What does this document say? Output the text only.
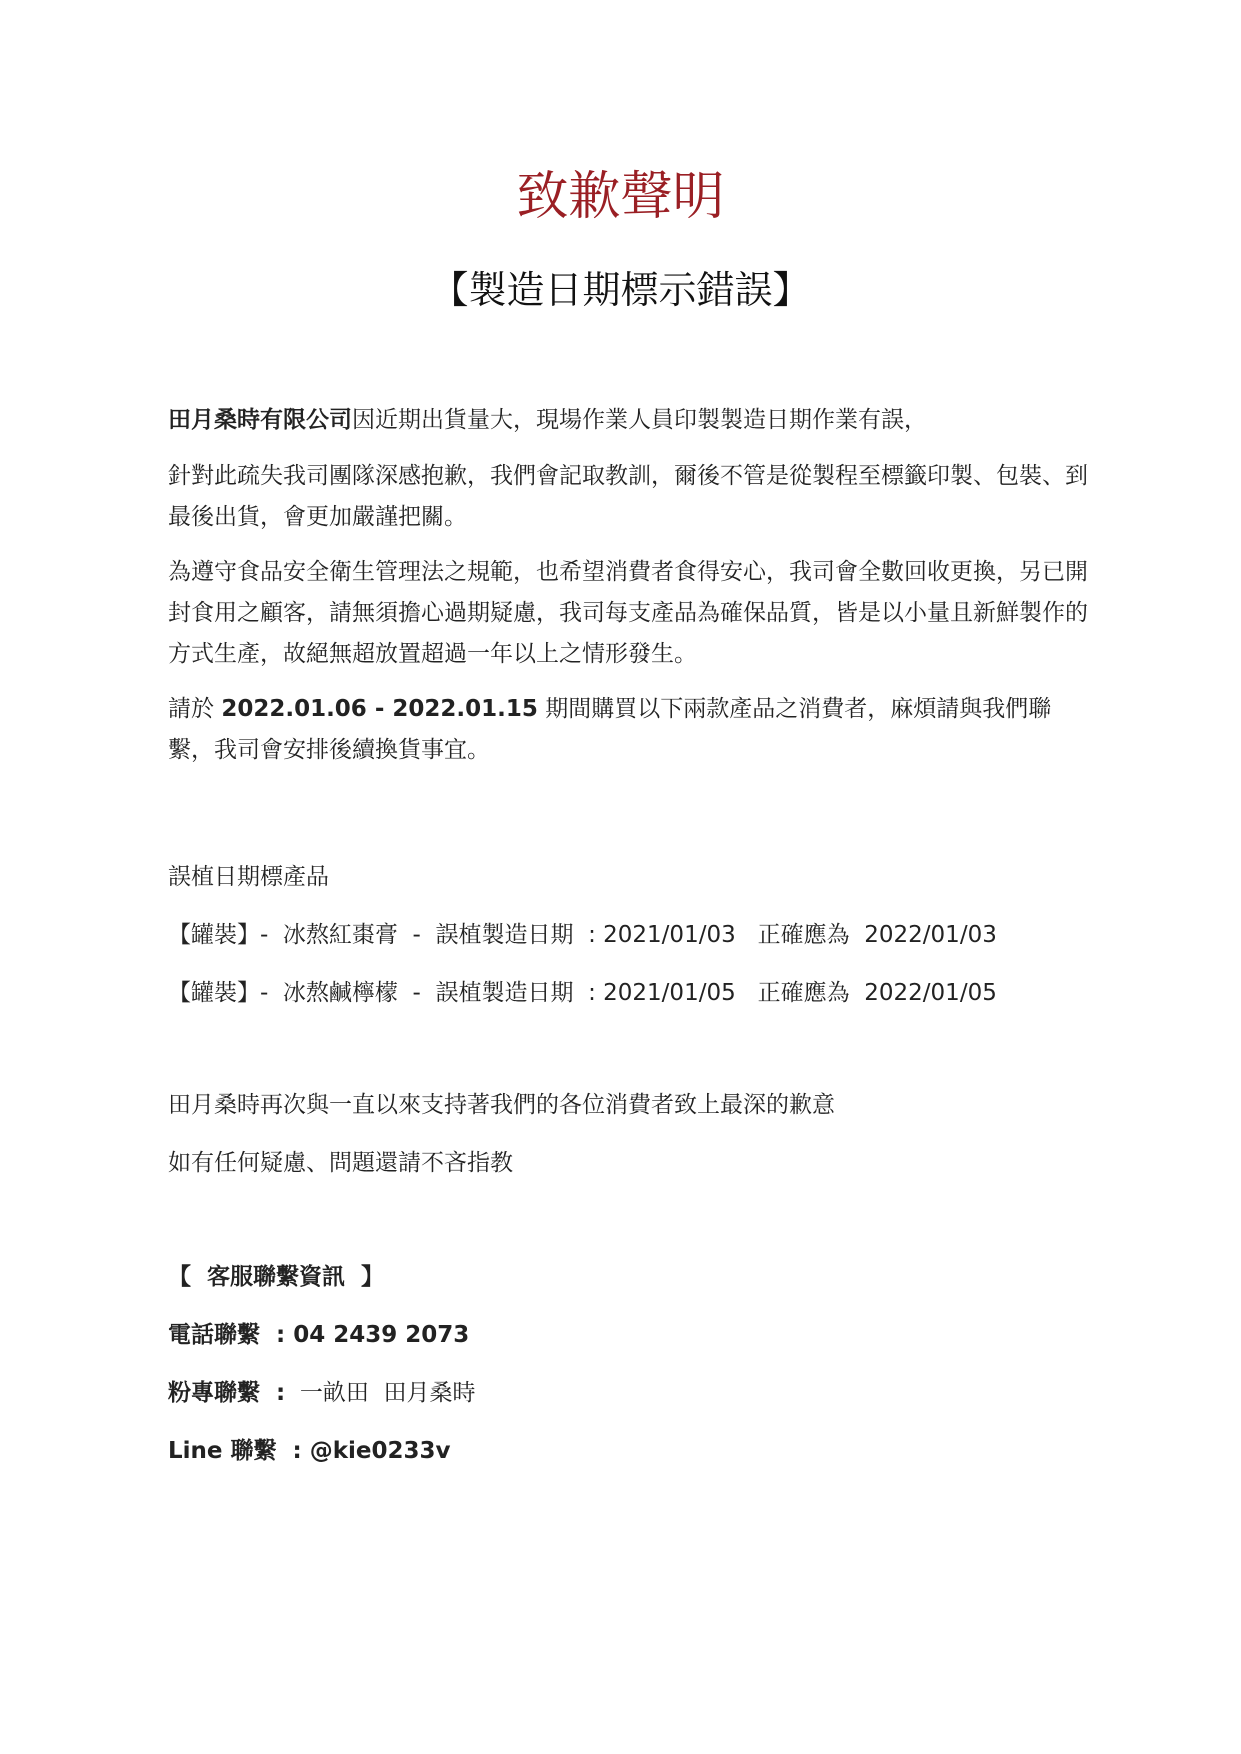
致歉聲明
【製造日期標示錯誤】

田月桑時有限公司因近期出貨量大，現場作業人員印製製造日期作業有誤，

針對此疏失我司團隊深感抱歉，我們會記取教訓，爾後不管是從製程至標籤印製、包裝、到最後出貨，會更加嚴謹把關。

為遵守食品安全衛生管理法之規範，也希望消費者食得安心，我司會全數回收更換，另已開封食用之顧客，請無須擔心過期疑慮，我司每支產品為確保品質，皆是以小量且新鮮製作的方式生產，故絕無超放置超過一年以上之情形發生。

請於 2022.01.06 - 2022.01.15 期間購買以下兩款產品之消費者，麻煩請與我們聯繫，我司會安排後續換貨事宜。

誤植日期標產品
【罐裝】-  冰熬紅棗膏  -  誤植製造日期  : 2021/01/03   正確應為  2022/01/03
【罐裝】-  冰熬鹹檸檬  -  誤植製造日期  : 2021/01/05   正確應為  2022/01/05
田月桑時再次與一直以來支持著我們的各位消費者致上最深的歉意
如有任何疑慮、問題還請不吝指教
【  客服聯繫資訊  】
電話聯繫  : 04 2439 2073
粉專聯繫  :  一畝田  田月桑時
Line 聯繫  : @kie0233v
